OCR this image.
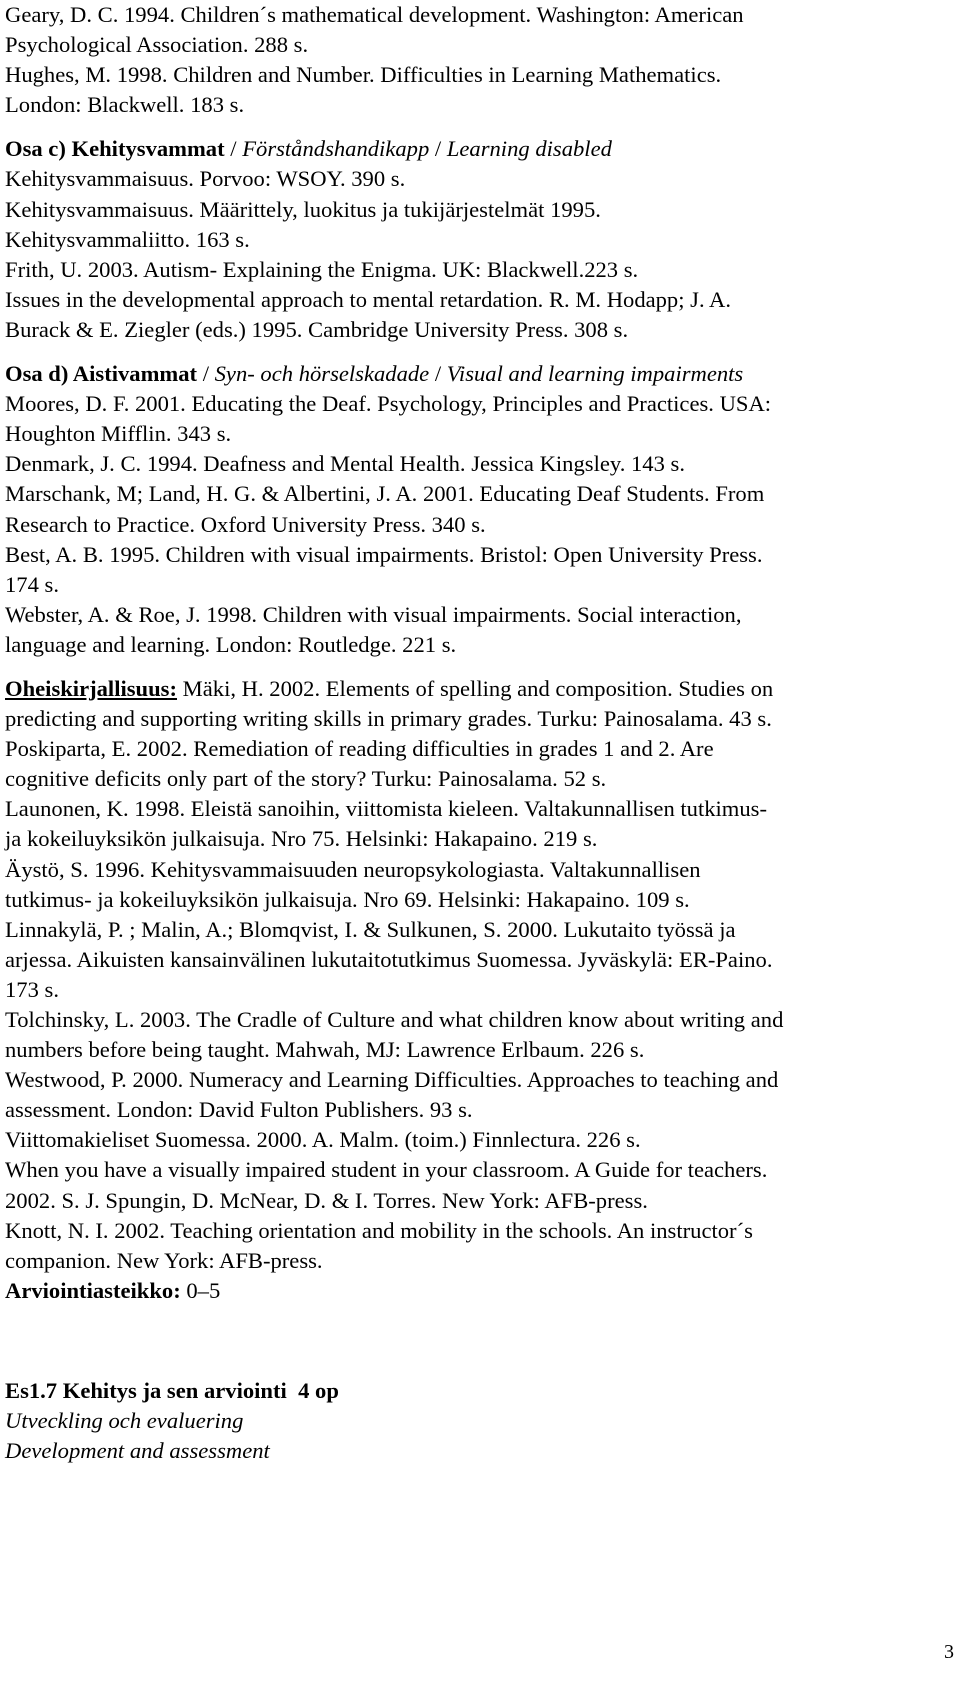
Geary, D. C. 1994. Children´s mathematical development. Washington: American

Psychological Association. 288 s.

Hughes, M. 1998. Children and Number. Difficulties in Learning Mathematics.

London: Blackwell. 183 s.

Osa c) Kehitysvammat / Förståndshandikapp / Learning disabled

Kehitysvammaisuus. Porvoo: WSOY. 390 s.

Kehitysvammaisuus. Määrittely, luokitus ja tukijärjestelmät 1995.

Kehitysvammaliitto. 163 s.

Frith, U. 2003. Autism- Explaining the Enigma. UK: Blackwell.223 s.

Issues in the developmental approach to mental retardation. R. M. Hodapp; J. A.

Burack & E. Ziegler (eds.) 1995. Cambridge University Press. 308 s.

Osa d) Aistivammat / Syn- och hörselskadade / Visual and learning impairments

Moores, D. F. 2001. Educating the Deaf. Psychology, Principles and Practices. USA:

Houghton Mifflin. 343 s.

Denmark, J. C. 1994. Deafness and Mental Health. Jessica Kingsley. 143 s.

Marschank, M; Land, H. G. & Albertini, J. A. 2001. Educating Deaf Students. From

Research to Practice. Oxford University Press. 340 s.

Best, A. B. 1995. Children with visual impairments. Bristol: Open University Press.

174 s.

Webster, A. & Roe, J. 1998. Children with visual impairments. Social interaction,

language and learning. London: Routledge. 221 s.

Oheiskirjallisuus: Mäki, H. 2002. Elements of spelling and composition. Studies on

predicting and supporting writing skills in primary grades. Turku: Painosalama. 43 s.

Poskiparta, E. 2002. Remediation of reading difficulties in grades 1 and 2. Are

cognitive deficits only part of the story? Turku: Painosalama. 52 s.

Launonen, K. 1998. Eleistä sanoihin, viittomista kieleen. Valtakunnallisen tutkimus-

ja kokeiluyksikön julkaisuja. Nro 75. Helsinki: Hakapaino. 219 s.

Äystö, S. 1996. Kehitysvammaisuuden neuropsykologiasta. Valtakunnallisen

tutkimus- ja kokeiluyksikön julkaisuja. Nro 69. Helsinki: Hakapaino. 109 s.

Linnakylä, P. ; Malin, A.; Blomqvist, I. & Sulkunen, S. 2000. Lukutaito työssä ja

arjessa. Aikuisten kansainvälinen lukutaitotutkimus Suomessa. Jyväskylä: ER-Paino.

173 s.

Tolchinsky, L. 2003. The Cradle of Culture and what children know about writing and

numbers before being taught. Mahwah, MJ: Lawrence Erlbaum. 226 s.

Westwood, P. 2000. Numeracy and Learning Difficulties. Approaches to teaching and

assessment. London: David Fulton Publishers. 93 s.

Viittomakieliset Suomessa. 2000. A. Malm. (toim.) Finnlectura. 226 s.

When you have a visually impaired student in your classroom. A Guide for teachers.

2002. S. J. Spungin, D. McNear, D. & I. Torres. New York: AFB-press.

Knott, N. I. 2002. Teaching orientation and mobility in the schools. An instructor´s

companion. New York: AFB-press.

Arviointiasteikko: 0–5

Es1.7 Kehitys ja sen arviointi  4 op

Utveckling och evaluering

Development and assessment

3
